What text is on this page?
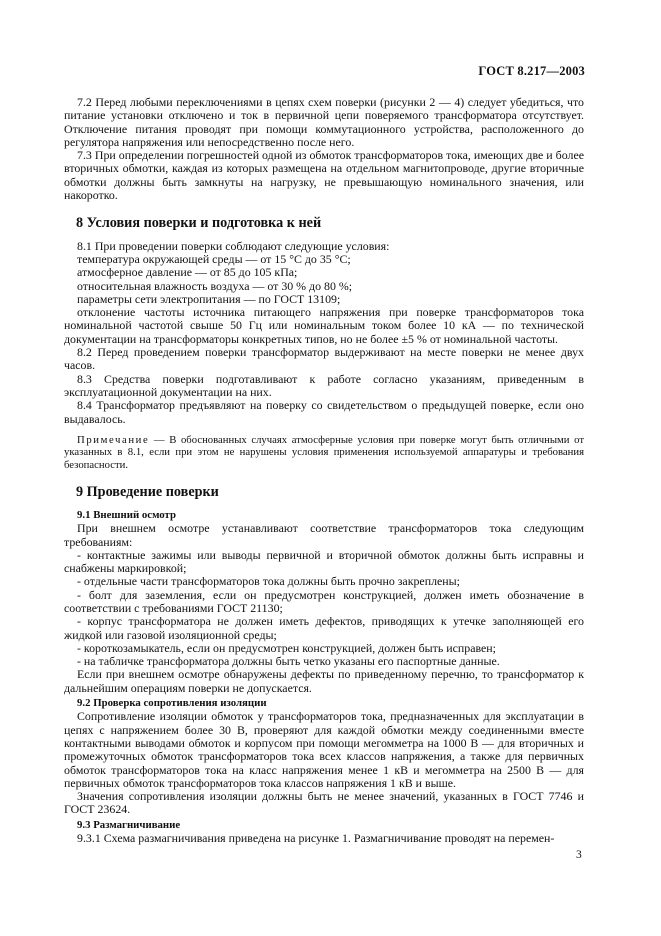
ГОСТ 8.217—2003

7.2 Перед любыми переключениями в цепях схем поверки (рисунки 2 — 4) следует убедиться, что питание установки отключено и ток в первичной цепи поверяемого трансформатора отсутствует. Отключение питания проводят при помощи коммутационного устройства, расположенного до регулятора напряжения или непосредственно после него.

7.3 При определении погрешностей одной из обмоток трансформаторов тока, имеющих две и более вторичных обмотки, каждая из которых размещена на отдельном магнитопроводе, другие вторичные обмотки должны быть замкнуты на нагрузку, не превышающую номинального значения, или накоротко.

8 Условия поверки и подготовка к ней

8.1 При проведении поверки соблюдают следующие условия:

температура окружающей среды — от 15 °С до 35 °С;

атмосферное давление — от 85 до 105 кПа;

относительная влажность воздуха — от 30 % до 80 %;

параметры сети электропитания — по ГОСТ 13109;

отклонение частоты источника питающего напряжения при поверке трансформаторов тока номинальной частотой свыше 50 Гц или номинальным током более 10 кА — по технической документации на трансформаторы конкретных типов, но не более ±5 % от номинальной частоты.

8.2 Перед проведением поверки трансформатор выдерживают на месте поверки не менее двух часов.

8.3 Средства поверки подготавливают к работе согласно указаниям, приведенным в эксплуатационной документации на них.

8.4 Трансформатор предъявляют на поверку со свидетельством о предыдущей поверке, если оно выдавалось.

Примечание — В обоснованных случаях атмосферные условия при поверке могут быть отличными от указанных в 8.1, если при этом не нарушены условия применения используемой аппаратуры и требования безопасности.

9 Проведение поверки
9.1 Внешний осмотр

При внешнем осмотре устанавливают соответствие трансформаторов тока следующим требованиям:

- контактные зажимы или выводы первичной и вторичной обмоток должны быть исправны и снабжены маркировкой;

- отдельные части трансформаторов тока должны быть прочно закреплены;

- болт для заземления, если он предусмотрен конструкцией, должен иметь обозначение в соответствии с требованиями ГОСТ 21130;

- корпус трансформатора не должен иметь дефектов, приводящих к утечке заполняющей его жидкой или газовой изоляционной среды;

- короткозамыкатель, если он предусмотрен конструкцией, должен быть исправен;

- на табличке трансформатора должны быть четко указаны его паспортные данные.

Если при внешнем осмотре обнаружены дефекты по приведенному перечню, то трансформатор к дальнейшим операциям поверки не допускается.

9.2 Проверка сопротивления изоляции

Сопротивление изоляции обмоток у трансформаторов тока, предназначенных для эксплуатации в цепях с напряжением более 30 В, проверяют для каждой обмотки между соединенными вместе контактными выводами обмоток и корпусом при помощи мегомметра на 1000 В — для вторичных и промежуточных обмоток трансформаторов тока всех классов напряжения, а также для первичных обмоток трансформаторов тока на класс напряжения менее 1 кВ и мегомметра на 2500 В — для первичных обмоток трансформаторов тока классов напряжения 1 кВ и выше.

Значения сопротивления изоляции должны быть не менее значений, указанных в ГОСТ 7746 и ГОСТ 23624.

9.3 Размагничивание

9.3.1 Схема размагничивания приведена на рисунке 1. Размагничивание проводят на перемен-

3
